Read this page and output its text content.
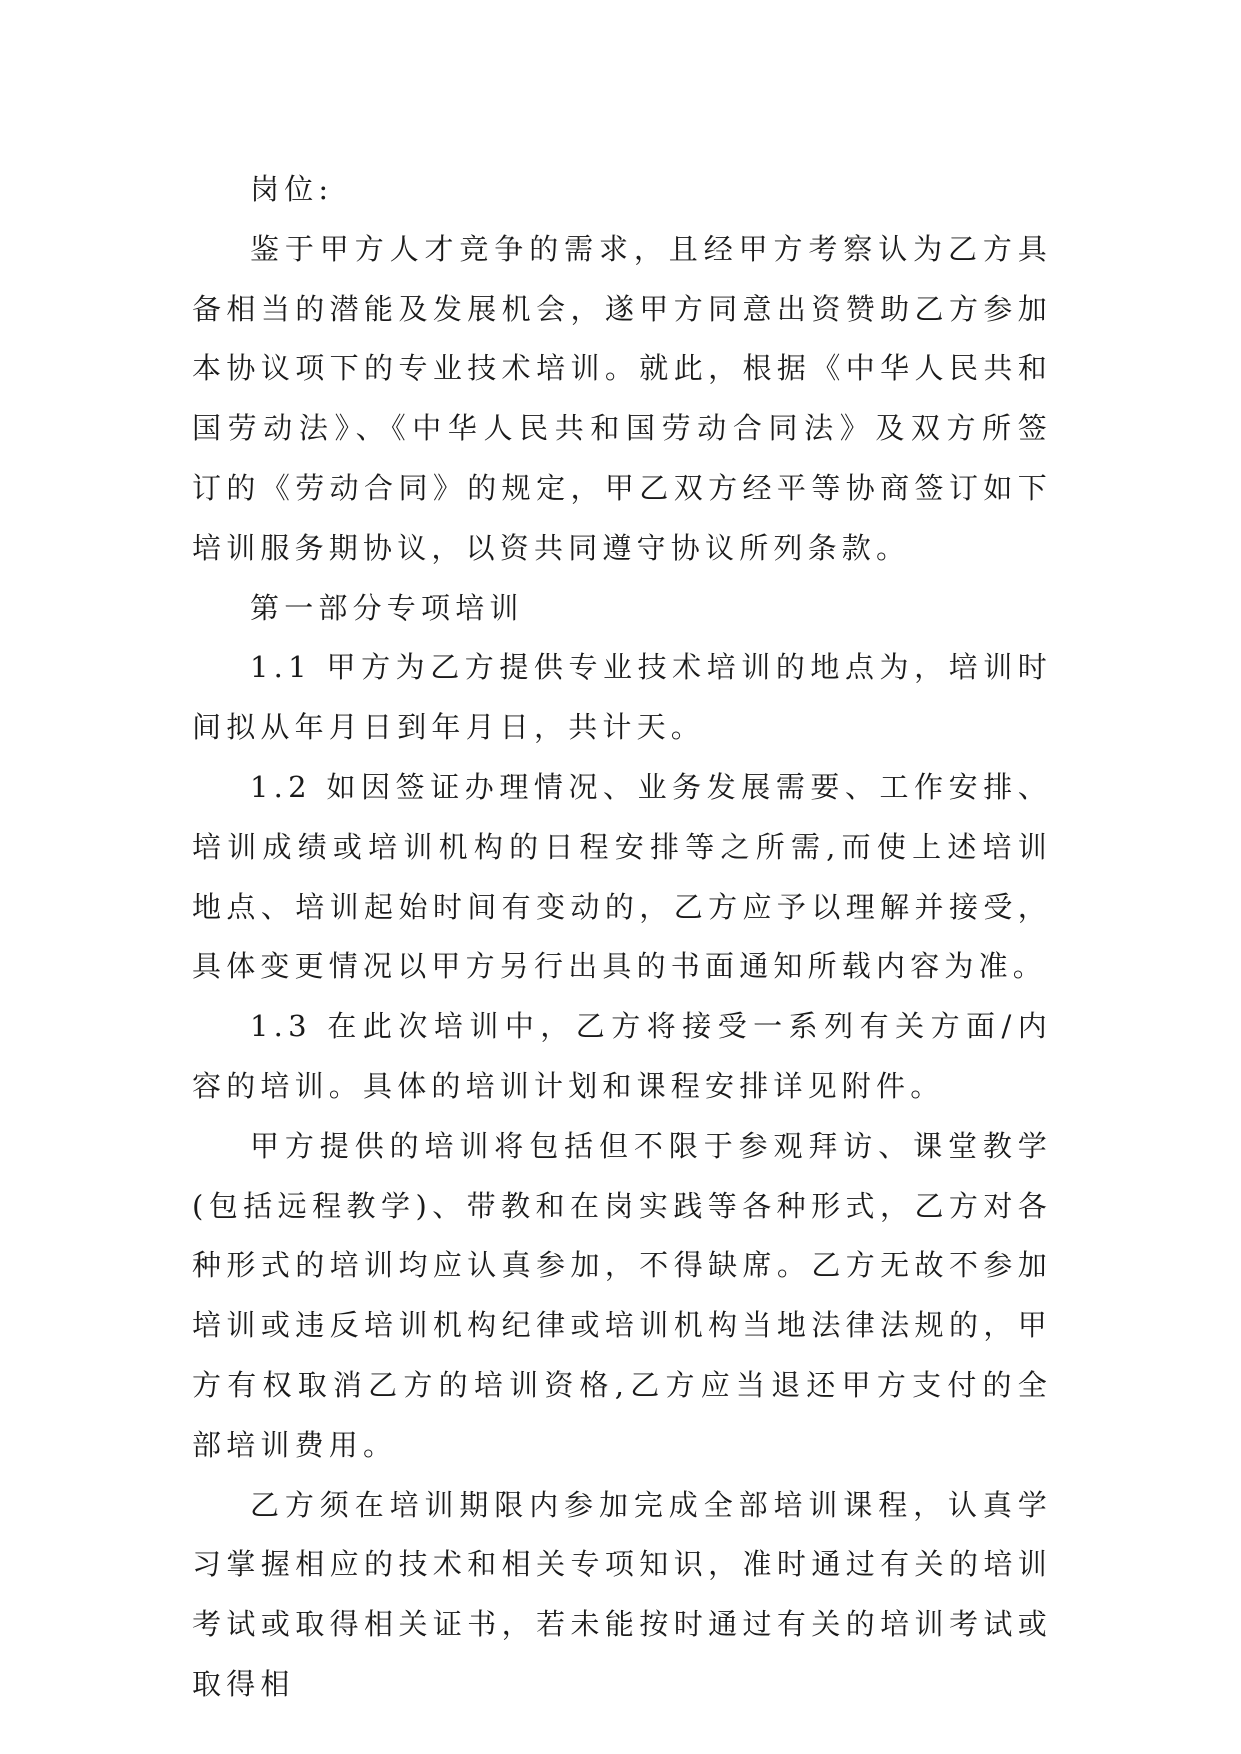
岗位:

鉴于甲方人才竞争的需求，且经甲方考察认为乙方具备相当的潜能及发展机会，遂甲方同意出资赞助乙方参加本协议项下的专业技术培训。就此，根据《中华人民共和国劳动法》、《中华人民共和国劳动合同法》及双方所签订的《劳动合同》的规定，甲乙双方经平等协商签订如下培训服务期协议，以资共同遵守协议所列条款。

第一部分专项培训

1.1 甲方为乙方提供专业技术培训的地点为，培训时间拟从年月日到年月日，共计天。

1.2 如因签证办理情况、业务发展需要、工作安排、培训成绩或培训机构的日程安排等之所需,而使上述培训地点、培训起始时间有变动的，乙方应予以理解并接受，具体变更情况以甲方另行出具的书面通知所载内容为准。

1.3 在此次培训中，乙方将接受一系列有关方面/内容的培训。具体的培训计划和课程安排详见附件。

甲方提供的培训将包括但不限于参观拜访、课堂教学(包括远程教学)、带教和在岗实践等各种形式，乙方对各种形式的培训均应认真参加，不得缺席。乙方无故不参加培训或违反培训机构纪律或培训机构当地法律法规的，甲方有权取消乙方的培训资格,乙方应当退还甲方支付的全部培训费用。

乙方须在培训期限内参加完成全部培训课程，认真学习掌握相应的技术和相关专项知识，准时通过有关的培训考试或取得相关证书，若未能按时通过有关的培训考试或取得相
